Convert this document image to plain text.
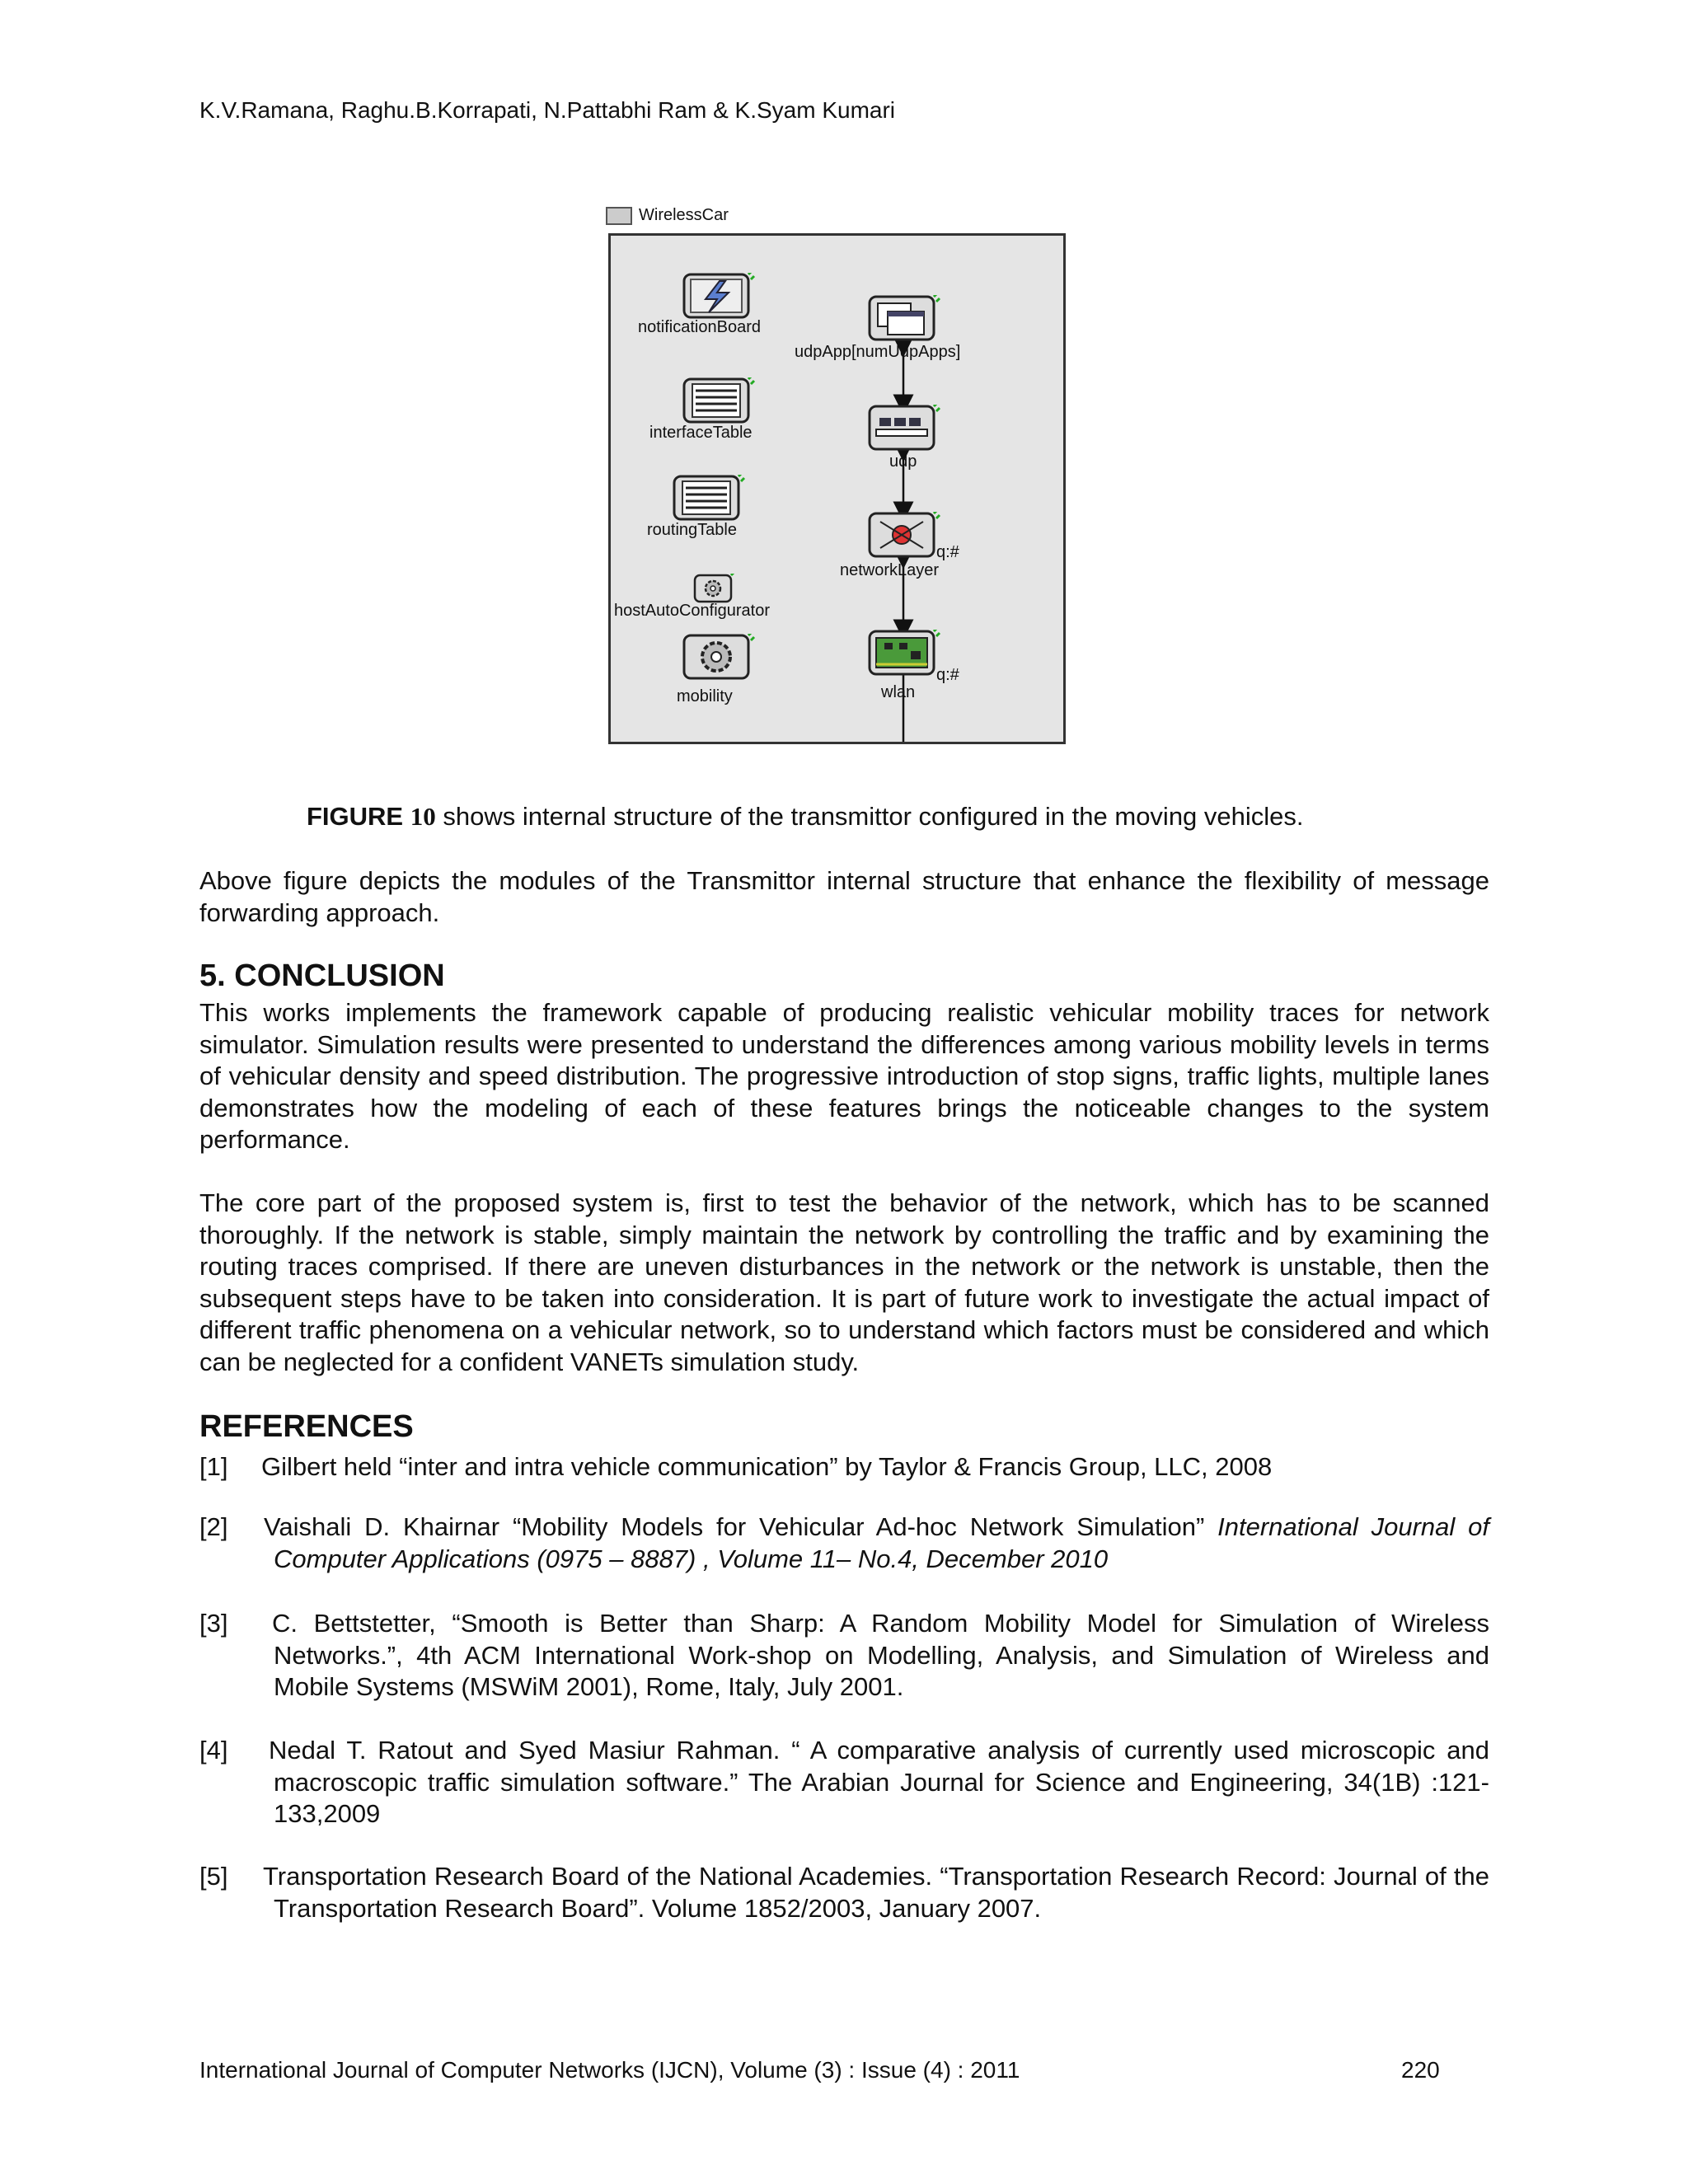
K.V.Ramana, Raghu.B.Korrapati, N.Pattabhi Ram & K.Syam Kumari
WirelessCar
notificationBoard
udpApp[numUdpApps]
interfaceTable
udp
routingTable
q:#
networkLayer
hostAutoConfigurator
mobility
q:#
wlan
FIGURE 10 shows internal structure of the transmittor configured in the moving vehicles.
Above figure depicts the modules of the Transmittor internal structure that enhance the flexibility of message forwarding approach.
5. CONCLUSION
This works implements the framework capable of producing realistic vehicular mobility traces for network simulator. Simulation results were presented to understand the differences among various mobility levels in terms of vehicular density and speed distribution. The progressive introduction of stop signs, traffic lights, multiple lanes demonstrates how the modeling of each of these features brings the noticeable changes to the system performance.
The core part of the proposed system is, first to test the behavior of the network, which has to be scanned thoroughly. If the network is stable, simply maintain the network by controlling the traffic and by examining the routing traces comprised. If there are uneven disturbances in the network or the network is unstable, then the subsequent steps have to be taken into consideration. It is part of future work to investigate the actual impact of different traffic phenomena on a vehicular network, so to understand which factors must be considered and which can be neglected for a confident VANETs simulation study.
REFERENCES
[1] Gilbert held “inter and intra vehicle communication” by Taylor & Francis Group, LLC, 2008
[2] Vaishali D. Khairnar “Mobility Models for Vehicular Ad-hoc Network Simulation” International Journal of Computer Applications (0975 – 8887) , Volume 11– No.4, December 2010
[3] C. Bettstetter, “Smooth is Better than Sharp: A Random Mobility Model for Simulation of Wireless Networks.”, 4th ACM International Work-shop on Modelling, Analysis, and Simulation of Wireless and Mobile Systems (MSWiM 2001), Rome, Italy, July 2001.
[4] Nedal T. Ratout and Syed Masiur Rahman. “ A comparative analysis of currently used microscopic and macroscopic traffic simulation software.” The Arabian Journal for Science and Engineering, 34(1B) :121-133,2009
[5] Transportation Research Board of the National Academies. “Transportation Research Record: Journal of the Transportation Research Board”. Volume 1852/2003, January 2007.
International Journal of Computer Networks (IJCN), Volume (3) : Issue (4) : 2011	220
